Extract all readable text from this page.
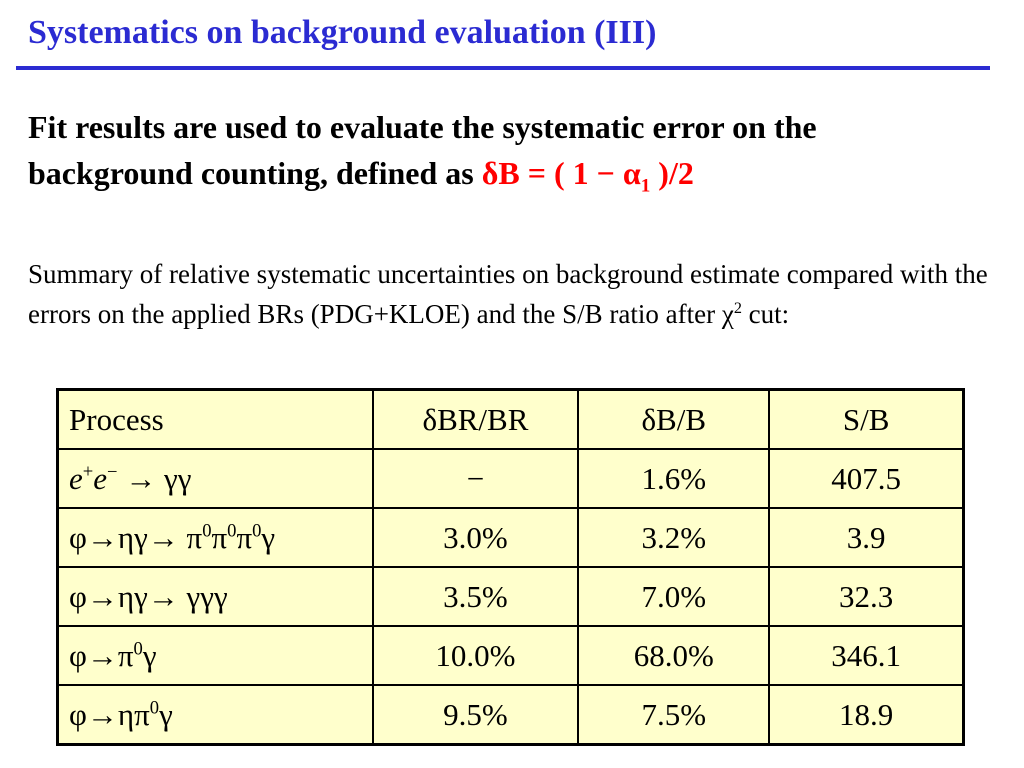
Systematics on background evaluation (III)
Fit results are used to evaluate the systematic error on the background counting, defined as δB = ( $1 - \alpha_1$ )/2
Summary of relative systematic uncertainties on background estimate compared with the errors on the applied BRs (PDG+KLOE) and the S/B ratio after $\chi^2$ cut:
Process	δBR/BR	δB/B	S/B
e+e− → γγ	−	1.6%	407.5
$\varphi\to\eta\gamma\to \pi^0\pi^0\pi^0\gamma$	3.0%	3.2%	3.9
φ→ηγ→ γγγ	3.5%	7.0%	32.3
$\varphi\to\pi^0\gamma$	10.0%	68.0%	346.1
$\varphi\to\eta\pi^0\gamma$	9.5%	7.5%	18.9
